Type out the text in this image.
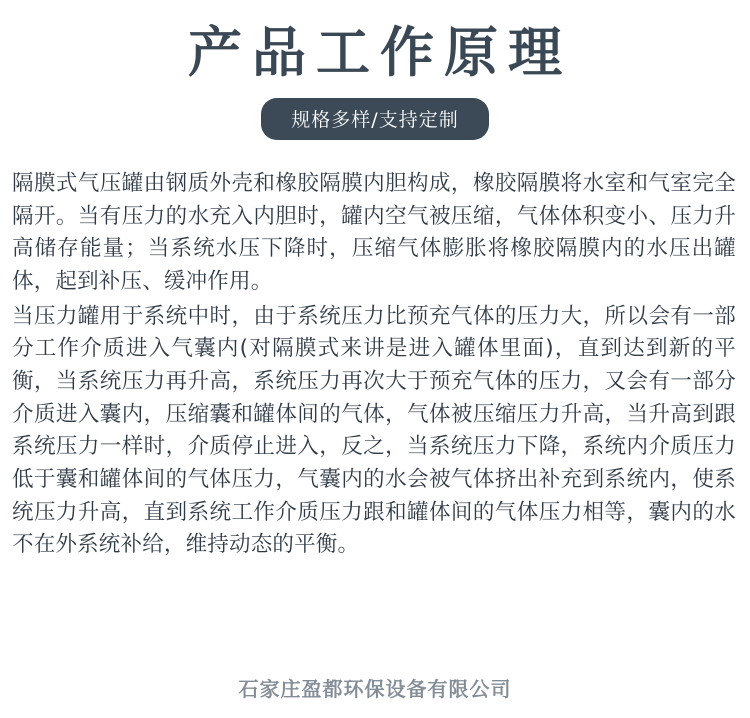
产品工作原理
规格多样/支持定制

隔膜式气压罐由钢质外壳和橡胶隔膜内胆构成，橡胶隔膜将水室和气室完全隔开。当有压力的水充入内胆时，罐内空气被压缩，气体体积变小、压力升高储存能量；当系统水压下降时，压缩气体膨胀将橡胶隔膜内的水压出罐体，起到补压、缓冲作用。

当压力罐用于系统中时，由于系统压力比预充气体的压力大，所以会有一部分工作介质进入气囊内(对隔膜式来讲是进入罐体里面)，直到达到新的平衡，当系统压力再升高，系统压力再次大于预充气体的压力，又会有一部分介质进入囊内，压缩囊和罐体间的气体，气体被压缩压力升高，当升高到跟系统压力一样时，介质停止进入，反之，当系统压力下降，系统内介质压力低于囊和罐体间的气体压力，气囊内的水会被气体挤出补充到系统内，使系统压力升高，直到系统工作介质压力跟和罐体间的气体压力相等，囊内的水不在外系统补给，维持动态的平衡。

石家庄盈都环保设备有限公司
